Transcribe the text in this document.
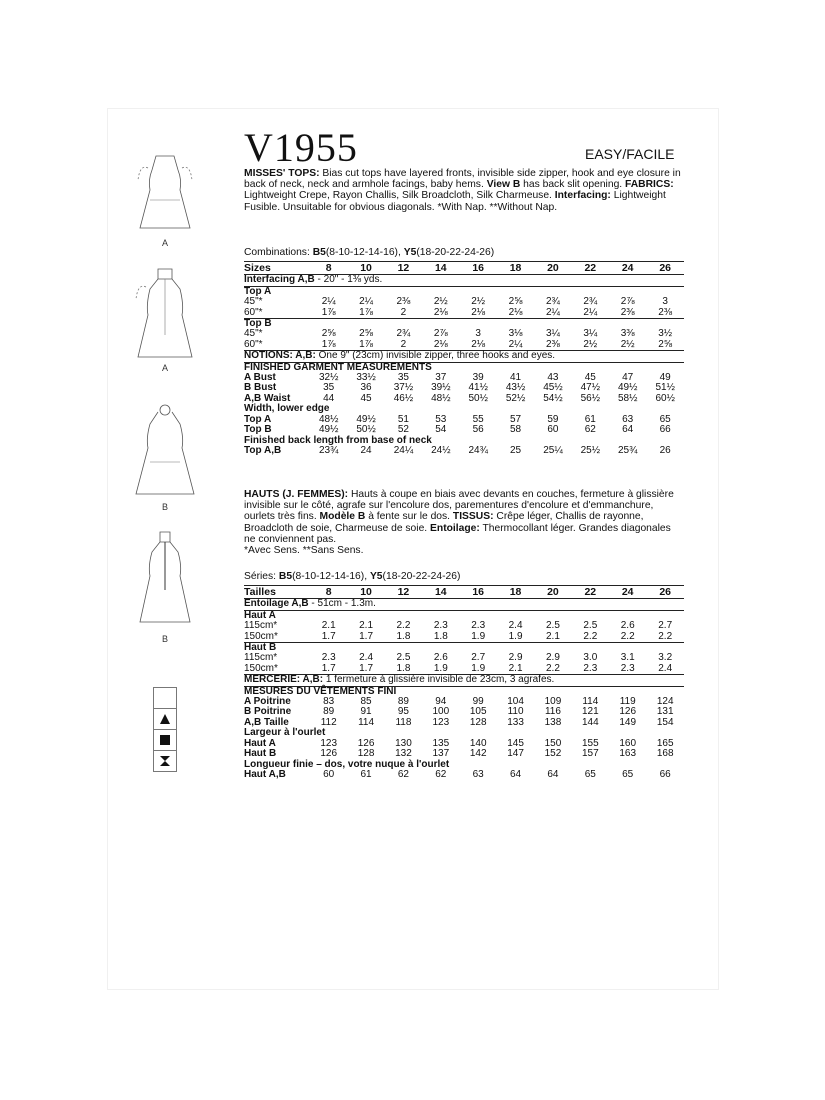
A
A
B
B
V1955	EASY/FACILE
MISSES' TOPS: Bias cut tops have layered fronts, invisible side zipper, hook and eye closure in back of neck, neck and armhole facings, baby hems. View B has back slit opening. FABRICS: Lightweight Crepe, Rayon Challis, Silk Broadcloth, Silk Charmeuse. Interfacing: Lightweight Fusible. Unsuitable for obvious diagonals. *With Nap. **Without Nap.
Combinations: B5(8-10-12-14-16), Y5(18-20-22-24-26)
Sizes	8	10	12	14	16	18	20	22	24	26
Interfacing A,B - 20" - 1⅜ yds.										
Top A										
45"*	2¼	2¼	2⅜	2½	2½	2⅝	2¾	2¾	2⅞	3
60"*	1⅞	1⅞	2	2⅛	2⅛	2⅛	2¼	2¼	2⅜	2⅜
Top B										
45"*	2⅝	2⅝	2¾	2⅞	3	3⅛	3¼	3¼	3⅜	3½
60"*	1⅞	1⅞	2	2⅛	2⅛	2¼	2⅜	2½	2½	2⅝
NOTIONS: A,B: One 9" (23cm) invisible zipper, three hooks and eyes.										
FINISHED GARMENT MEASUREMENTS										
A Bust	32½	33½	35	37	39	41	43	45	47	49
B Bust	35	36	37½	39½	41½	43½	45½	47½	49½	51½
A,B Waist	44	45	46½	48½	50½	52½	54½	56½	58½	60½
Width, lower edge										
Top A	48½	49½	51	53	55	57	59	61	63	65
Top B	49½	50½	52	54	56	58	60	62	64	66
Finished back length from base of neck										
Top A,B	23¾	24	24¼	24½	24¾	25	25¼	25½	25¾	26
HAUTS (J. FEMMES): Hauts à coupe en biais avec devants en couches, fermeture à glissière invisible sur le côté, agrafe sur l'encolure dos, parementures d'encolure et d'emmanchure, ourlets très fins. Modèle B à fente sur le dos. TISSUS: Crêpe léger, Challis de rayonne, Broadcloth de soie, Charmeuse de soie. Entoilage: Thermocollant léger. Grandes diagonales ne conviennent pas.
*Avec Sens. **Sans Sens.
Séries: B5(8-10-12-14-16), Y5(18-20-22-24-26)
Tailles	8	10	12	14	16	18	20	22	24	26
Entoilage A,B - 51cm - 1.3m.										
Haut A										
115cm*	2.1	2.1	2.2	2.3	2.3	2.4	2.5	2.5	2.6	2.7
150cm*	1.7	1.7	1.8	1.8	1.9	1.9	2.1	2.2	2.2	2.2
Haut B										
115cm*	2.3	2.4	2.5	2.6	2.7	2.9	2.9	3.0	3.1	3.2
150cm*	1.7	1.7	1.8	1.9	1.9	2.1	2.2	2.3	2.3	2.4
MERCERIE: A,B: 1 fermeture à glissière invisible de 23cm, 3 agrafes.										
MESURES DU VÊTEMENTS FINI										
A Poitrine	83	85	89	94	99	104	109	114	119	124
B Poitrine	89	91	95	100	105	110	116	121	126	131
A,B Taille	112	114	118	123	128	133	138	144	149	154
Largeur à l'ourlet										
Haut A	123	126	130	135	140	145	150	155	160	165
Haut B	126	128	132	137	142	147	152	157	163	168
Longueur finie – dos, votre nuque à l'ourlet										
Haut A,B	60	61	62	62	63	64	64	65	65	66
